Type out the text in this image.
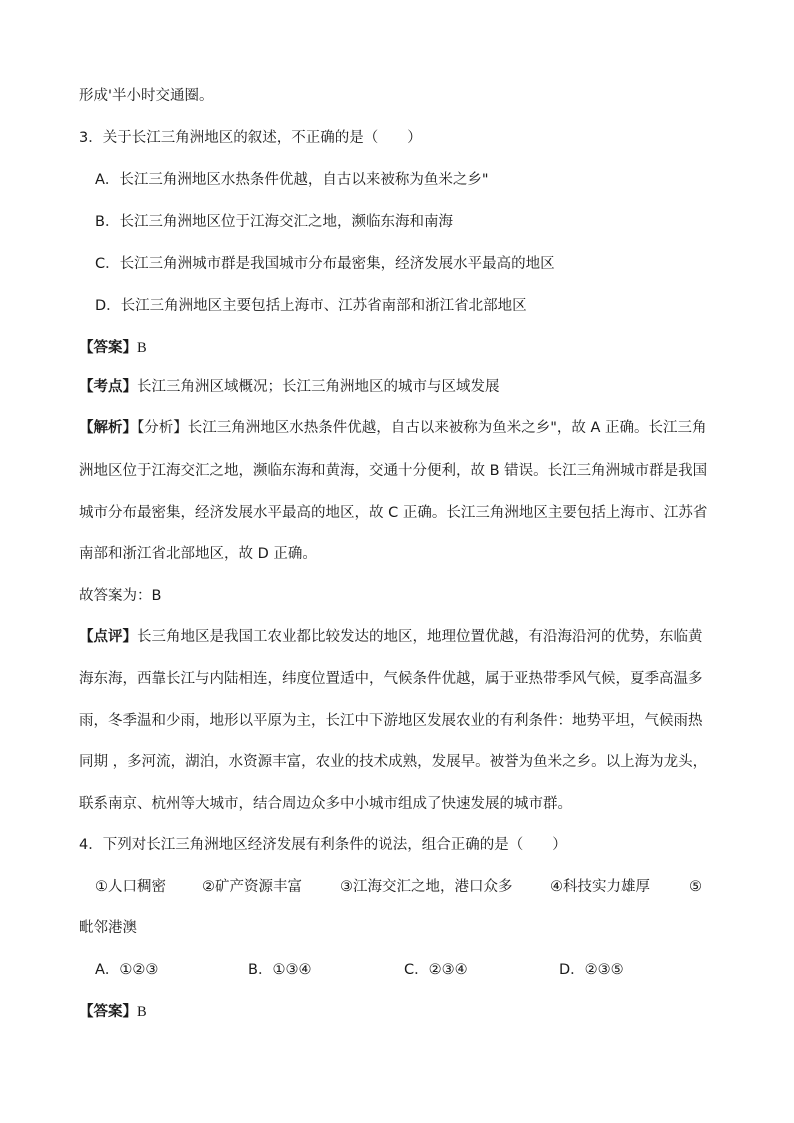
形成'半小时交通圈。
3．关于长江三角洲地区的叙述，不正确的是（　　）
A．长江三角洲地区水热条件优越，自古以来被称为鱼米之乡"
B．长江三角洲地区位于江海交汇之地，濒临东海和南海
C．长江三角洲城市群是我国城市分布最密集，经济发展水平最高的地区
D．长江三角洲地区主要包括上海市、江苏省南部和浙江省北部地区
【答案】B
【考点】长江三角洲区域概况；长江三角洲地区的城市与区域发展
【解析】【分析】长江三角洲地区水热条件优越，自古以来被称为鱼米之乡"，故 A 正确。长江三角
洲地区位于江海交汇之地，濒临东海和黄海，交通十分便利，故 B 错误。长江三角洲城市群是我国
城市分布最密集，经济发展水平最高的地区，故 C 正确。长江三角洲地区主要包括上海市、江苏省
南部和浙江省北部地区，故 D 正确。
故答案为：B
【点评】长三角地区是我国工农业都比较发达的地区，地理位置优越，有沿海沿河的优势，东临黄
海东海，西靠长江与内陆相连，纬度位置适中，气候条件优越，属于亚热带季风气候，夏季高温多
雨，冬季温和少雨，地形以平原为主，长江中下游地区发展农业的有利条件：地势平坦，气候雨热
同期 ，多河流，湖泊，水资源丰富，农业的技术成熟，发展早。被誉为鱼米之乡。以上海为龙头，
联系南京、杭州等大城市，结合周边众多中小城市组成了快速发展的城市群。
4．下列对长江三角洲地区经济发展有利条件的说法，组合正确的是（　　）
①人口稠密 ②矿产资源丰富	③江海交汇之地，港口众多	④科技实力雄厚	⑤
毗邻港澳
A．①②③	B．①③④	C．②③④	D．②③⑤
【答案】B
